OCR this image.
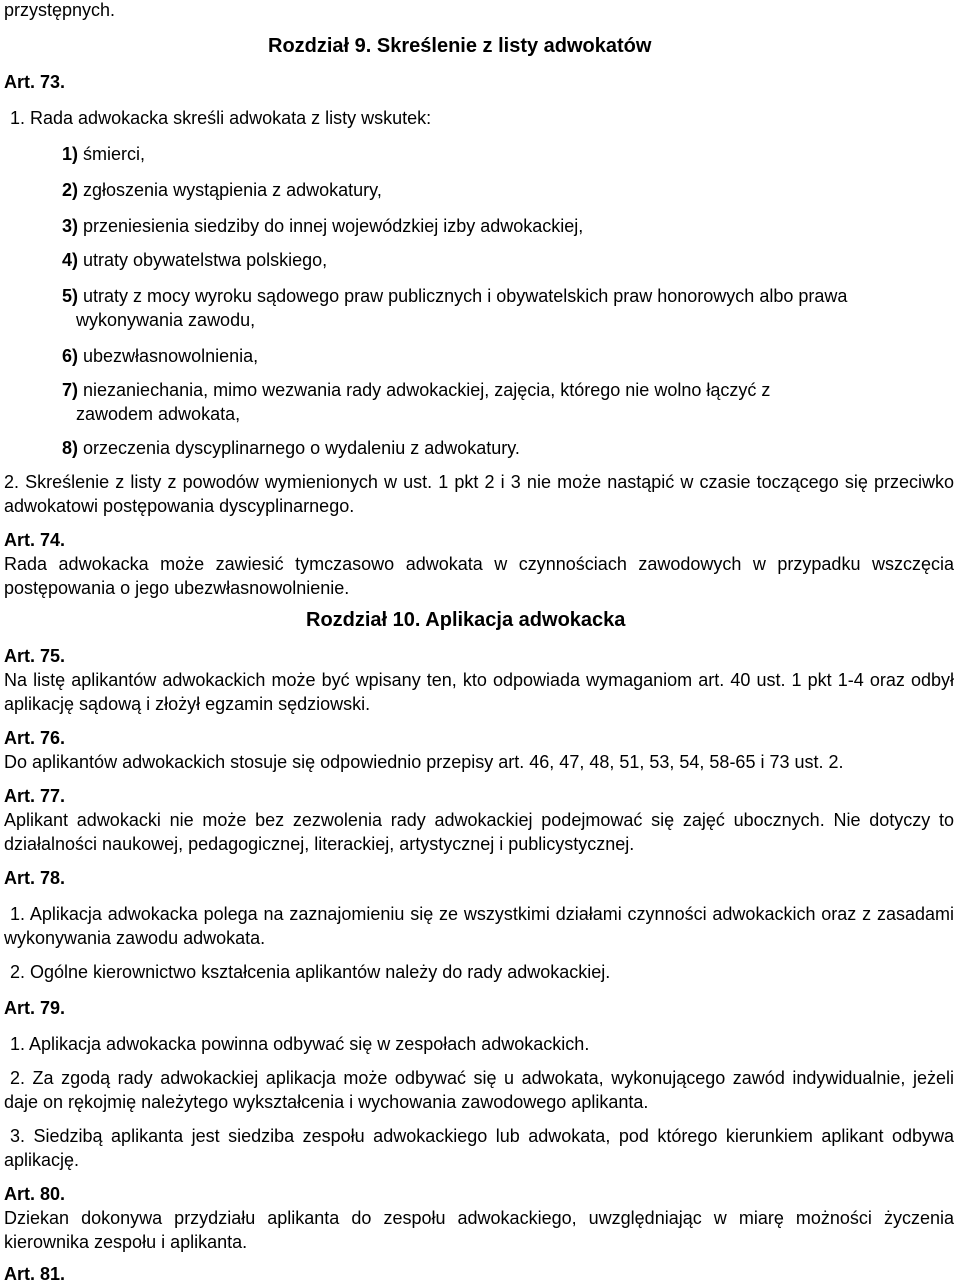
przystępnych.

Rozdział 9. Skreślenie z listy adwokatów

Art. 73.

1. Rada adwokacka skreśli adwokata z listy wskutek:

1) śmierci,

2) zgłoszenia wystąpienia z adwokatury,

3) przeniesienia siedziby do innej wojewódzkiej izby adwokackiej,

4) utraty obywatelstwa polskiego,

5) utraty z mocy wyroku sądowego praw publicznych i obywatelskich praw honorowych albo prawa

wykonywania zawodu,

6) ubezwłasnowolnienia,

7) niezaniechania, mimo wezwania rady adwokackiej, zajęcia, którego nie wolno łączyć z

zawodem adwokata,

8) orzeczenia dyscyplinarnego o wydaleniu z adwokatury.

2. Skreślenie z listy z powodów wymienionych w ust. 1 pkt 2 i 3 nie może nastąpić w czasie toczącego się przeciwko adwokatowi postępowania dyscyplinarnego.

Art. 74.

Rada adwokacka może zawiesić tymczasowo adwokata w czynnościach zawodowych w przypadku wszczęcia postępowania o jego ubezwłasnowolnienie.

Rozdział 10. Aplikacja adwokacka

Art. 75.

Na listę aplikantów adwokackich może być wpisany ten, kto odpowiada wymaganiom art. 40 ust. 1 pkt 1-4 oraz odbył aplikację sądową i złożył egzamin sędziowski.

Art. 76.

Do aplikantów adwokackich stosuje się odpowiednio przepisy art. 46, 47, 48, 51, 53, 54, 58-65 i 73 ust. 2.

Art. 77.

Aplikant adwokacki nie może bez zezwolenia rady adwokackiej podejmować się zajęć ubocznych. Nie dotyczy to działalności naukowej, pedagogicznej, literackiej, artystycznej i publicystycznej.

Art. 78.

1. Aplikacja adwokacka polega na zaznajomieniu się ze wszystkimi działami czynności adwokackich oraz z zasadami wykonywania zawodu adwokata.

2. Ogólne kierownictwo kształcenia aplikantów należy do rady adwokackiej.

Art. 79.

1. Aplikacja adwokacka powinna odbywać się w zespołach adwokackich.

2. Za zgodą rady adwokackiej aplikacja może odbywać się u adwokata, wykonującego zawód indywidualnie, jeżeli daje on rękojmię należytego wykształcenia i wychowania zawodowego aplikanta.

3. Siedzibą aplikanta jest siedziba zespołu adwokackiego lub adwokata, pod którego kierunkiem aplikant odbywa aplikację.

Art. 80.

Dziekan dokonywa przydziału aplikanta do zespołu adwokackiego, uwzględniając w miarę możności życzenia kierownika zespołu i aplikanta.

Art. 81.
